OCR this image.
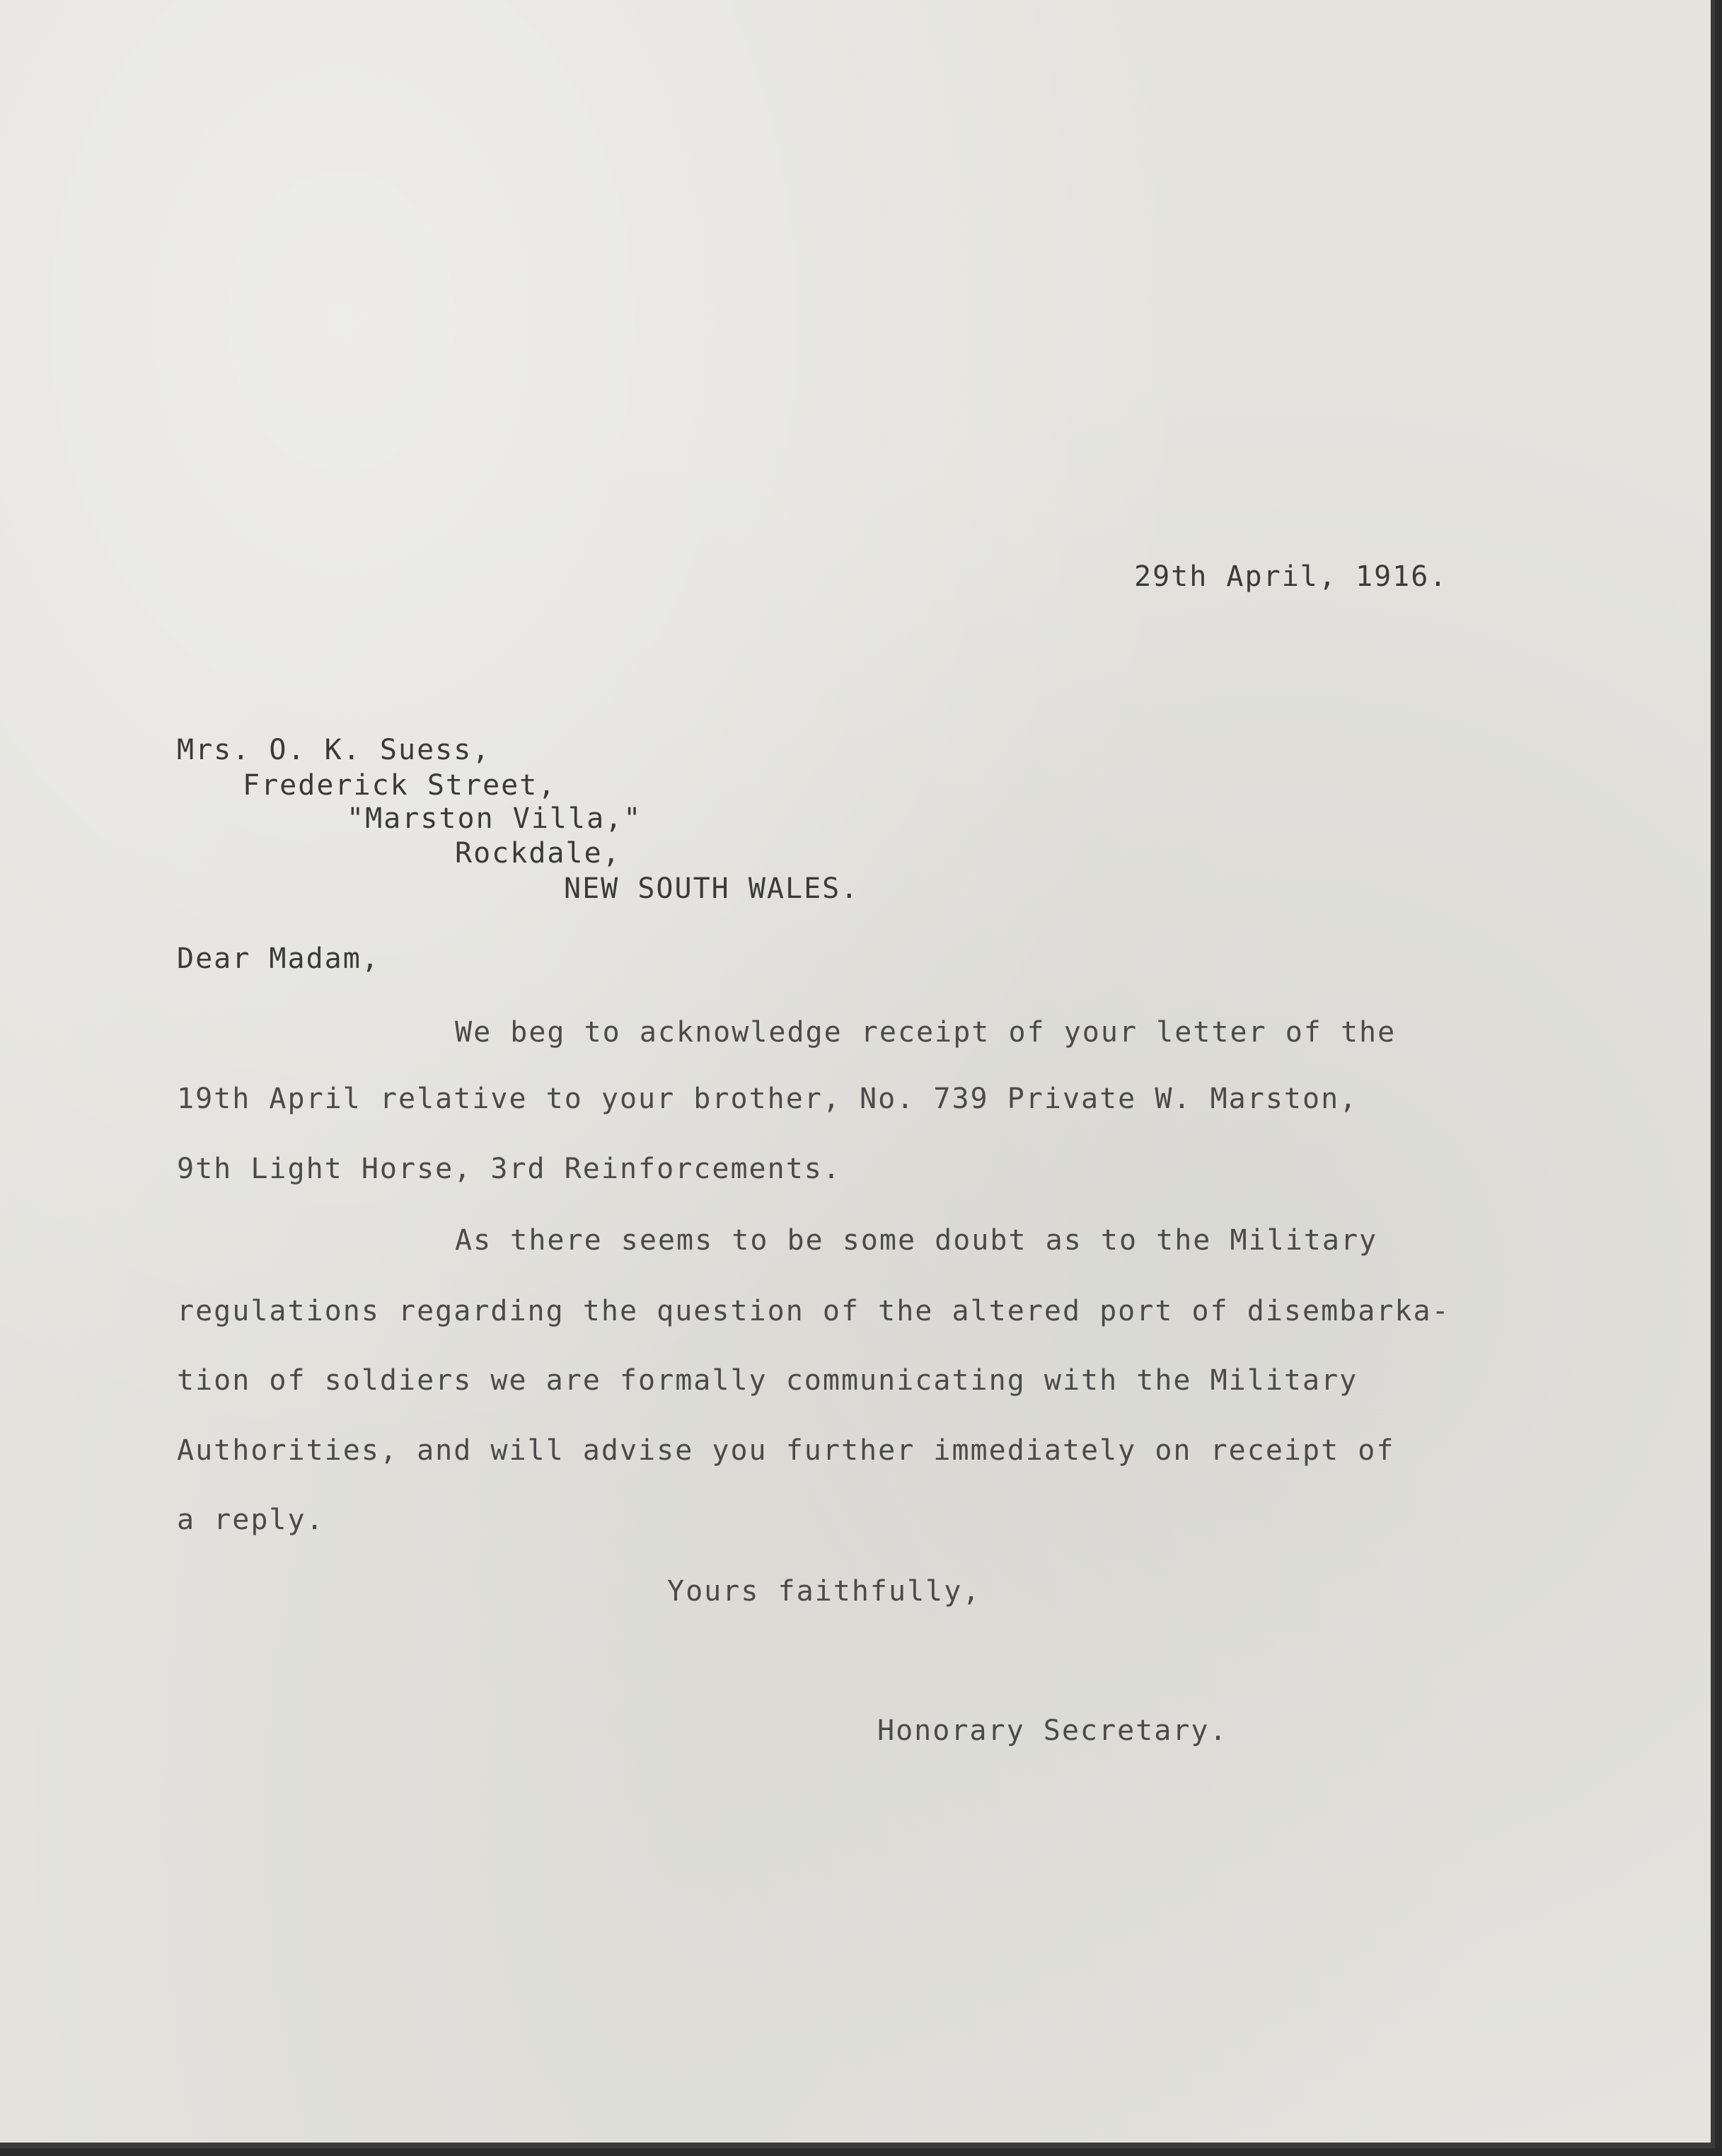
29th April, 1916.

Mrs. O. K. Suess,

Frederick Street,

"Marston Villa,"

Rockdale,

NEW SOUTH WALES.

Dear Madam,

We beg to acknowledge receipt of your letter of the

19th April relative to your brother, No. 739 Private W. Marston,

9th Light Horse, 3rd Reinforcements.

As there seems to be some doubt as to the Military

regulations regarding the question of the altered port of disembarka-

tion of soldiers we are formally communicating with the Military

Authorities, and will advise you further immediately on receipt of

a reply.

Yours faithfully,

Honorary Secretary.
